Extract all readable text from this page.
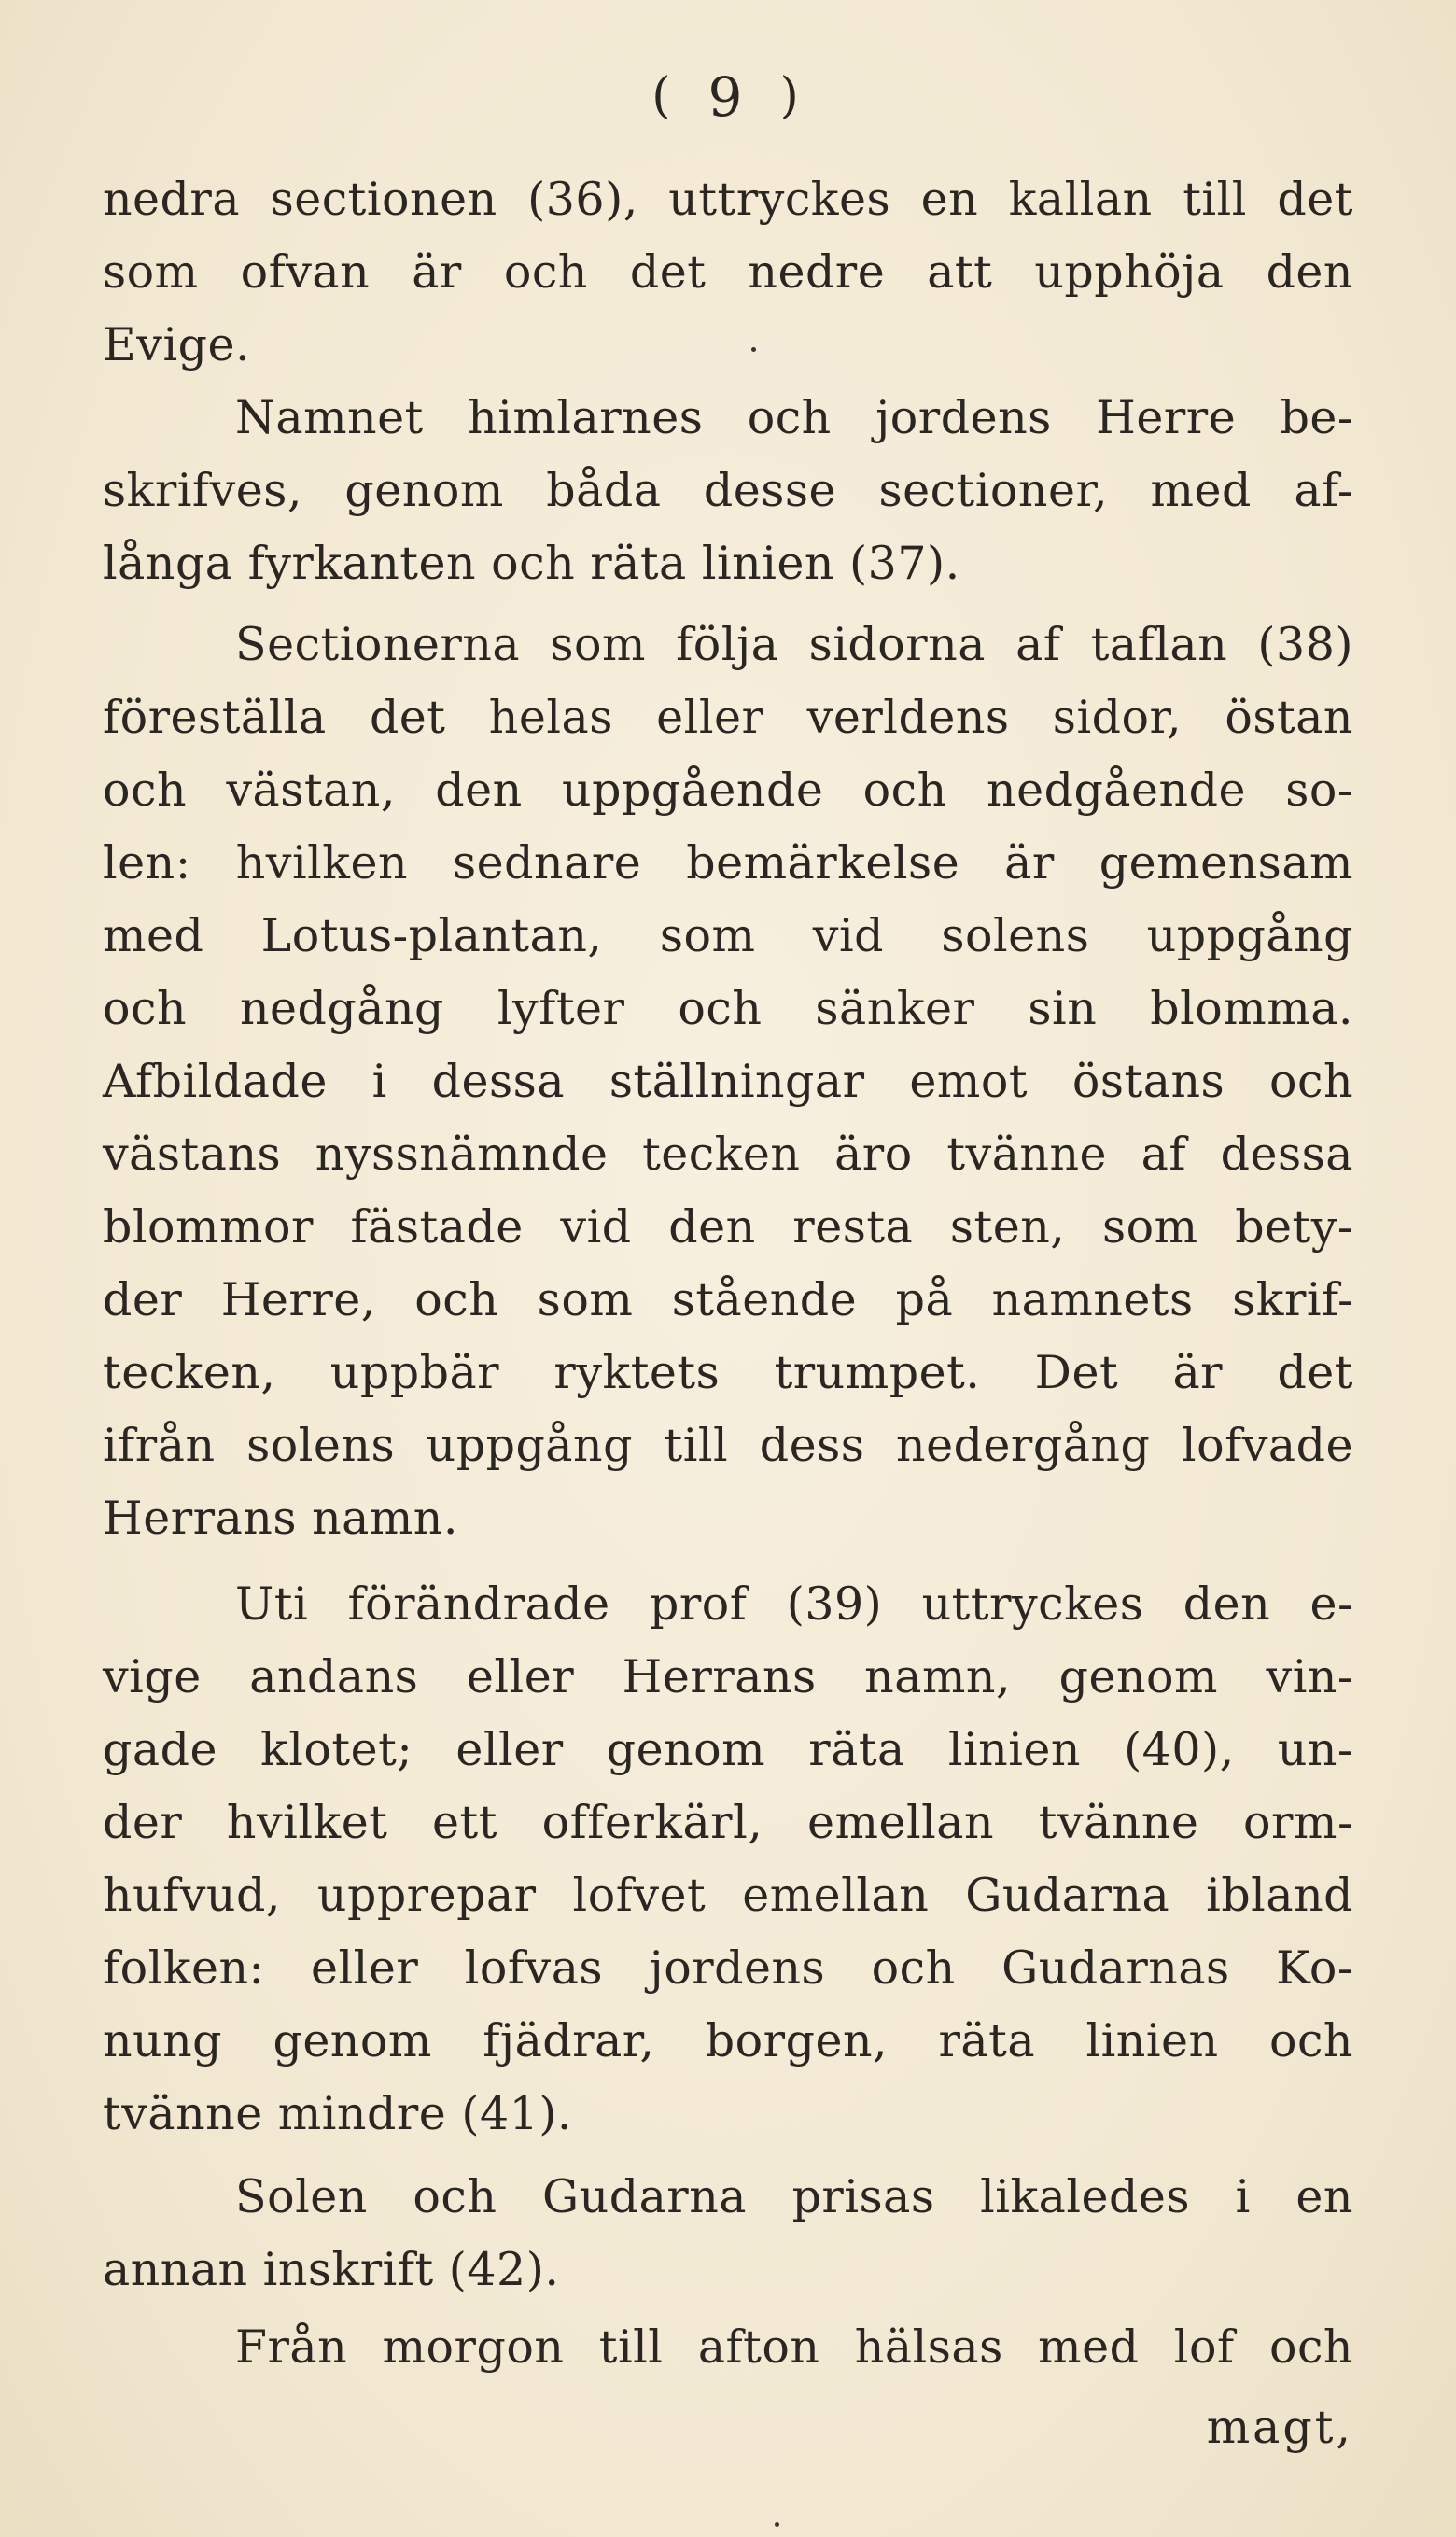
( 9 )
nedra sectionen (36), uttryckes en kallan till det
som ofvan är och det nedre att upphöja den
Evige.
Namnet himlarnes och jordens Herre be-
skrifves, genom båda desse sectioner, med af-
långa fyrkanten och räta linien (37).
Sectionerna som följa sidorna af taflan (38)
föreställa det helas eller verldens sidor, östan
och västan, den uppgående och nedgående so-
len: hvilken sednare bemärkelse är gemensam
med Lotus-plantan, som vid solens uppgång
och nedgång lyfter och sänker sin blomma.
Afbildade i dessa ställningar emot östans och
västans nyssnämnde tecken äro tvänne af dessa
blommor fästade vid den resta sten, som bety-
der Herre, och som stående på namnets skrif-
tecken, uppbär ryktets trumpet. Det är det
ifrån solens uppgång till dess nedergång lofvade
Herrans namn.
Uti förändrade prof (39) uttryckes den e-
vige andans eller Herrans namn, genom vin-
gade klotet; eller genom räta linien (40), un-
der hvilket ett offerkärl, emellan tvänne orm-
hufvud, upprepar lofvet emellan Gudarna ibland
folken: eller lofvas jordens och Gudarnas Ko-
nung genom fjädrar, borgen, räta linien och
tvänne mindre (41).
Solen och Gudarna prisas likaledes i en
annan inskrift (42).
Från morgon till afton hälsas med lof och
magt,
